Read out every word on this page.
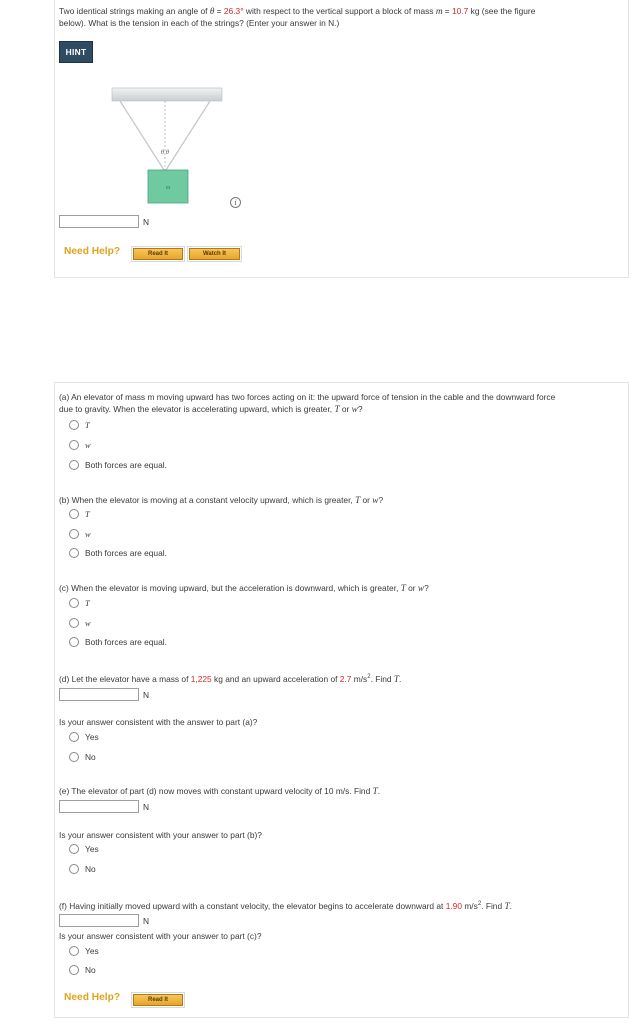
Two identical strings making an angle of θ = 26.3° with respect to the vertical support a block of mass m = 10.7 kg (see the figure
below). What is the tension in each of the strings? (Enter your answer in N.)
HINT
θ θ
m
i
N
Need Help?	Read It	Watch It
(a) An elevator of mass m moving upward has two forces acting on it: the upward force of tension in the cable and the downward force
due to gravity. When the elevator is accelerating upward, which is greater, T or w?
T
w
Both forces are equal.
(b) When the elevator is moving at a constant velocity upward, which is greater, T or w?
T
w
Both forces are equal.
(c) When the elevator is moving upward, but the acceleration is downward, which is greater, T or w?
T
w
Both forces are equal.
(d) Let the elevator have a mass of 1,225 kg and an upward acceleration of 2.7 $m/s^2$. Find T.
N
Is your answer consistent with the answer to part (a)?
Yes
No
(e) The elevator of part (d) now moves with constant upward velocity of 10 m/s. Find T.
N
Is your answer consistent with your answer to part (b)?
Yes
No
(f) Having initially moved upward with a constant velocity, the elevator begins to accelerate downward at 1.90 $m/s^2$. Find T.
N
Is your answer consistent with your answer to part (c)?
Yes
No
Need Help?	Read It
